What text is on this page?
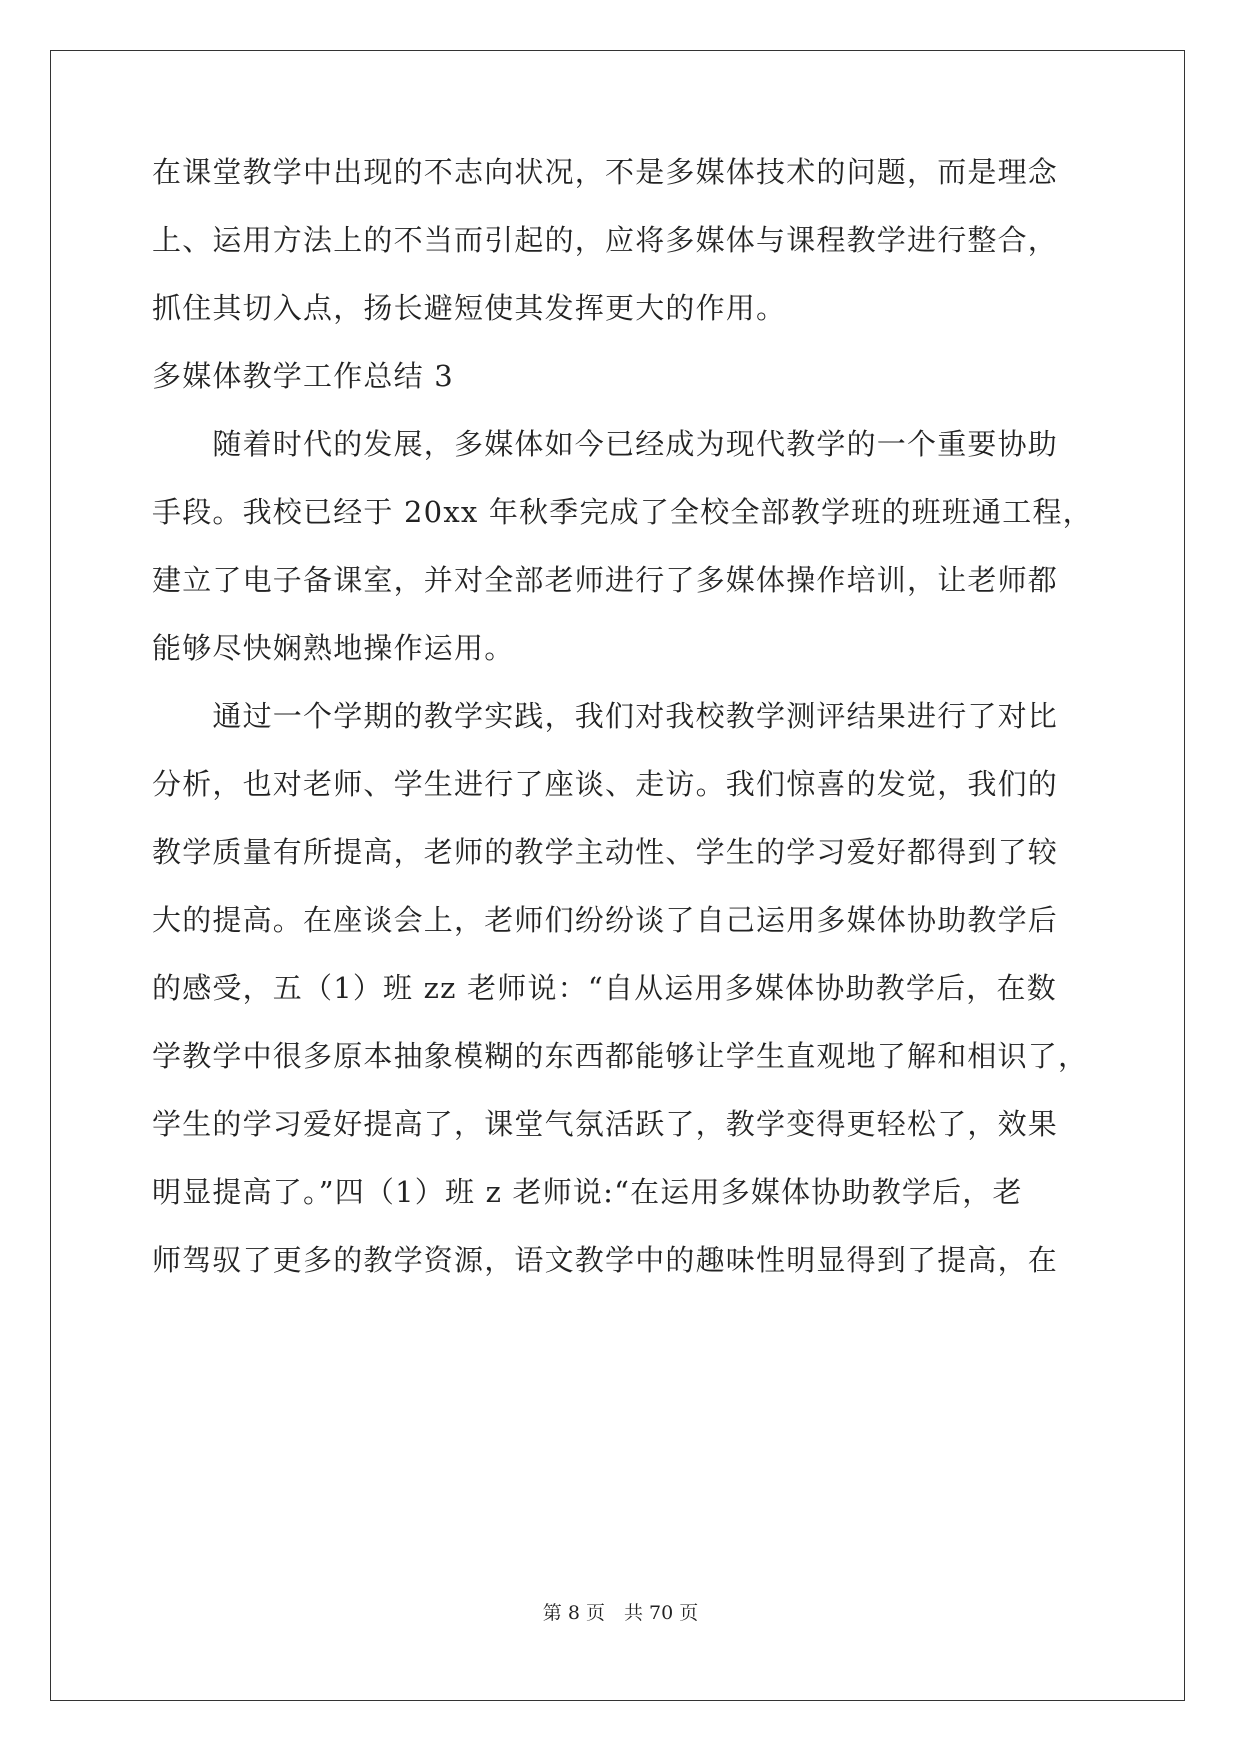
在课堂教学中出现的不志向状况，不是多媒体技术的问题，而是理念
上、运用方法上的不当而引起的，应将多媒体与课程教学进行整合，
抓住其切入点，扬长避短使其发挥更大的作用。
多媒体教学工作总结 3
　　随着时代的发展，多媒体如今已经成为现代教学的一个重要协助
手段。我校已经于 20xx 年秋季完成了全校全部教学班的班班通工程，
建立了电子备课室，并对全部老师进行了多媒体操作培训，让老师都
能够尽快娴熟地操作运用。
　　通过一个学期的教学实践，我们对我校教学测评结果进行了对比
分析，也对老师、学生进行了座谈、走访。我们惊喜的发觉，我们的
教学质量有所提高，老师的教学主动性、学生的学习爱好都得到了较
大的提高。在座谈会上，老师们纷纷谈了自己运用多媒体协助教学后
的感受，五（1）班 zz 老师说：“自从运用多媒体协助教学后，在数
学教学中很多原本抽象模糊的东西都能够让学生直观地了解和相识了，
学生的学习爱好提高了，课堂气氛活跃了，教学变得更轻松了，效果
明显提高了。”四（1）班 z 老师说:“在运用多媒体协助教学后，老
师驾驭了更多的教学资源，语文教学中的趣味性明显得到了提高，在
第 8 页　共 70 页
